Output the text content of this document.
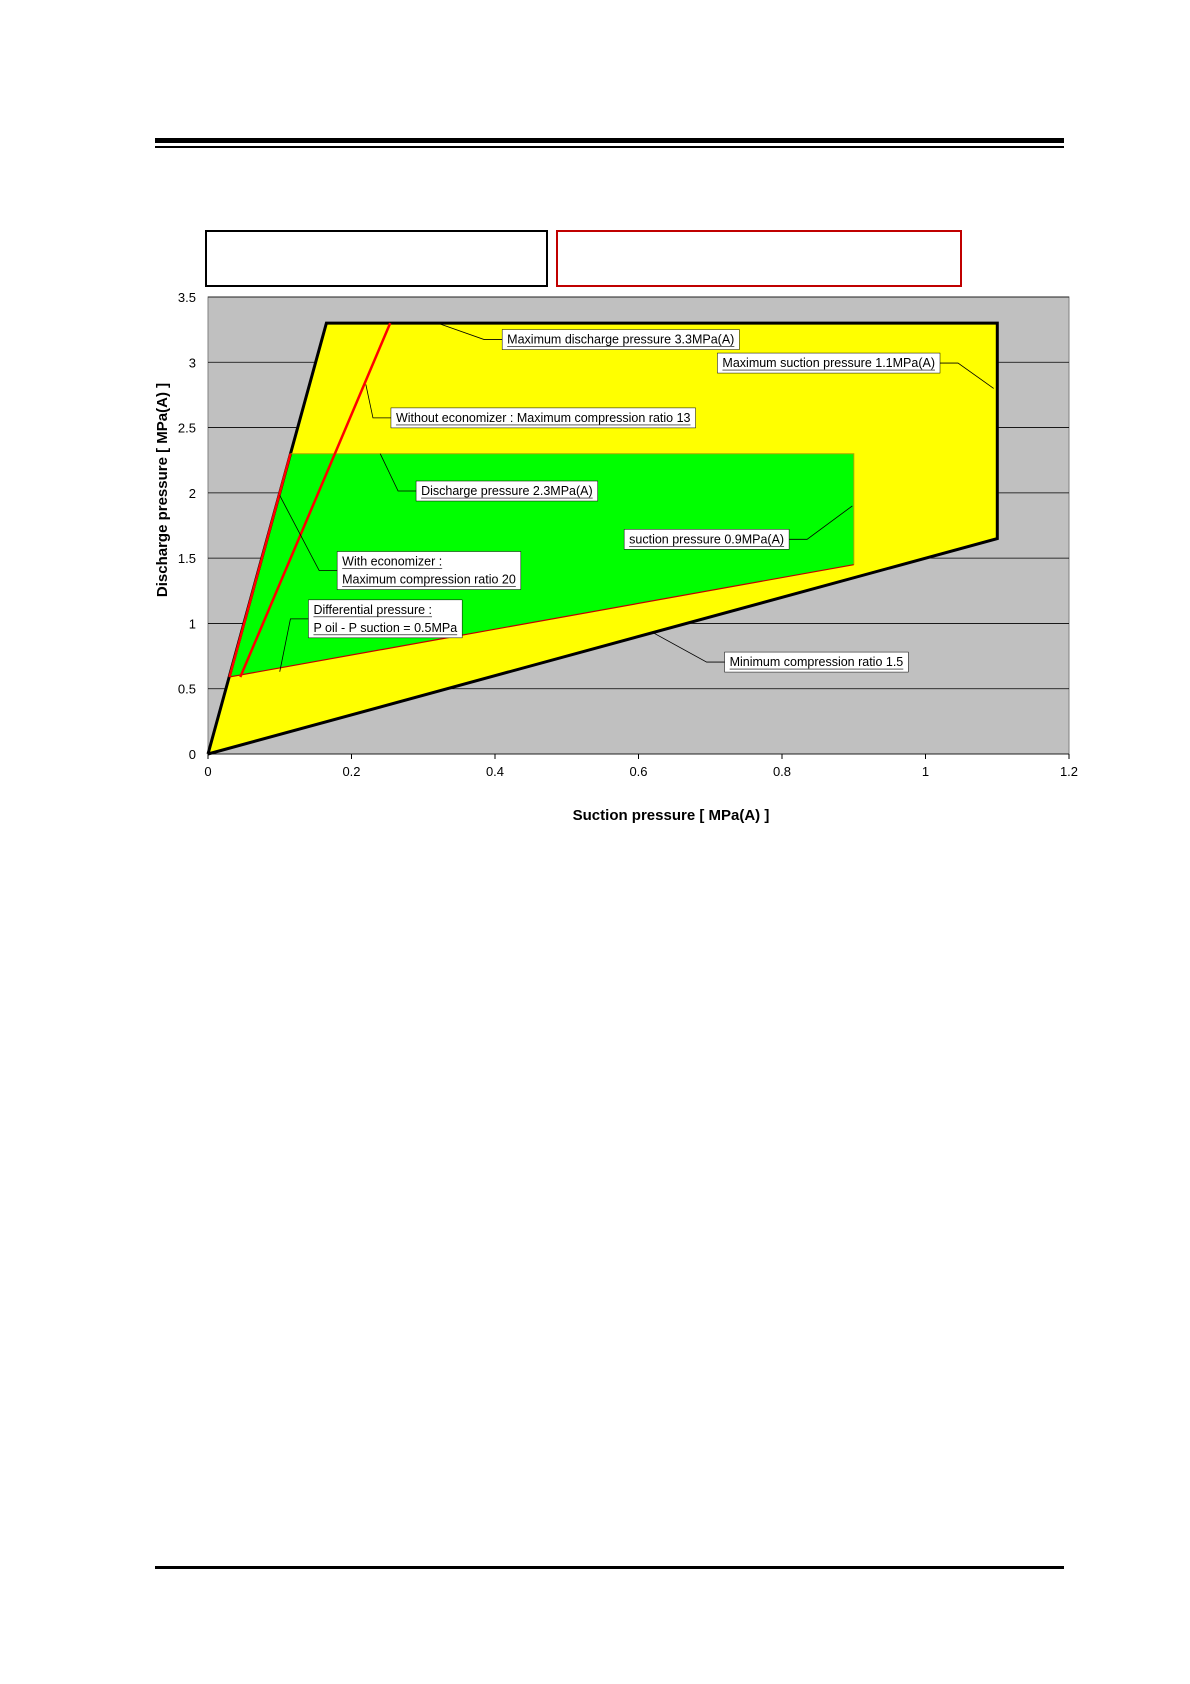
0	0.2	0.4	0.6	0.8	1	1.2
0
0.5
1
1.5
2
2.5
3
3.5
Maximum discharge pressure 3.3MPa(A)
Maximum suction pressure 1.1MPa(A)
Without economizer : Maximum compression ratio 13
Discharge pressure 2.3MPa(A)
suction pressure 0.9MPa(A)
With economizer :
Maximum compression ratio 20
Differential pressure :
P oil - P suction = 0.5MPa
Minimum compression ratio 1.5
Suction pressure [ MPa(A) ]
Discharge pressure [ MPa(A) ]
